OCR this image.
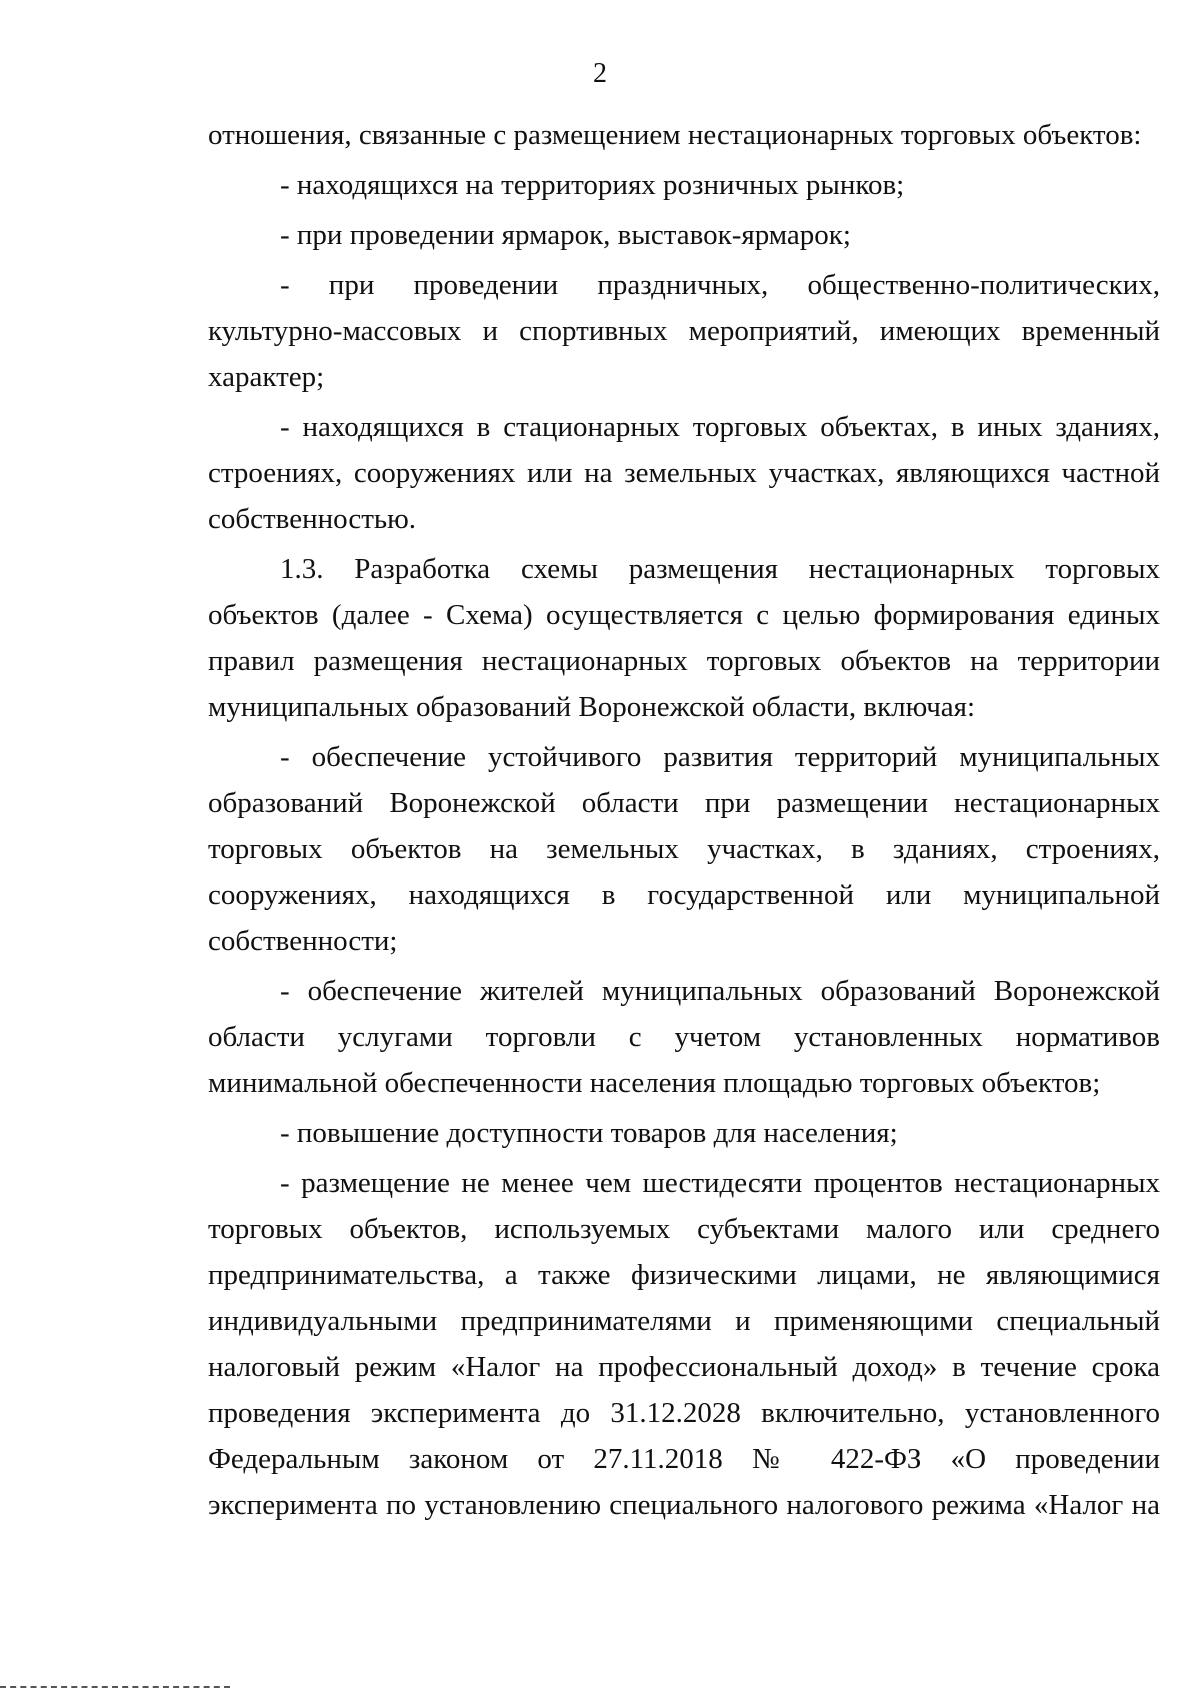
2

отношения, связанные с размещением нестационарных торговых объектов:

- находящихся на территориях розничных рынков;

- при проведении ярмарок, выставок-ярмарок;

- при проведении праздничных, общественно-политических, культурно-массовых и спортивных мероприятий, имеющих временный характер;

- находящихся в стационарных торговых объектах, в иных зданиях, строениях, сооружениях или на земельных участках, являющихся частной собственностью.

1.3. Разработка схемы размещения нестационарных торговых объектов (далее - Схема) осуществляется с целью формирования единых правил размещения нестационарных торговых объектов на территории муниципальных образований Воронежской области, включая:

- обеспечение устойчивого развития территорий муниципальных образований Воронежской области при размещении нестационарных торговых объектов на земельных участках, в зданиях, строениях, сооружениях, находящихся в государственной или муниципальной собственности;

- обеспечение жителей муниципальных образований Воронежской области услугами торговли с учетом установленных нормативов минимальной обеспеченности населения площадью торговых объектов;

- повышение доступности товаров для населения;

- размещение не менее чем шестидесяти процентов нестационарных торговых объектов, используемых субъектами малого или среднего предпринимательства, а также физическими лицами, не являющимися индивидуальными предпринимателями и применяющими специальный налоговый режим «Налог на профессиональный доход» в течение срока проведения эксперимента до 31.12.2028 включительно, установленного Федеральным законом от 27.11.2018 № 422-ФЗ «О проведении эксперимента по установлению специального налогового режима «Налог на
